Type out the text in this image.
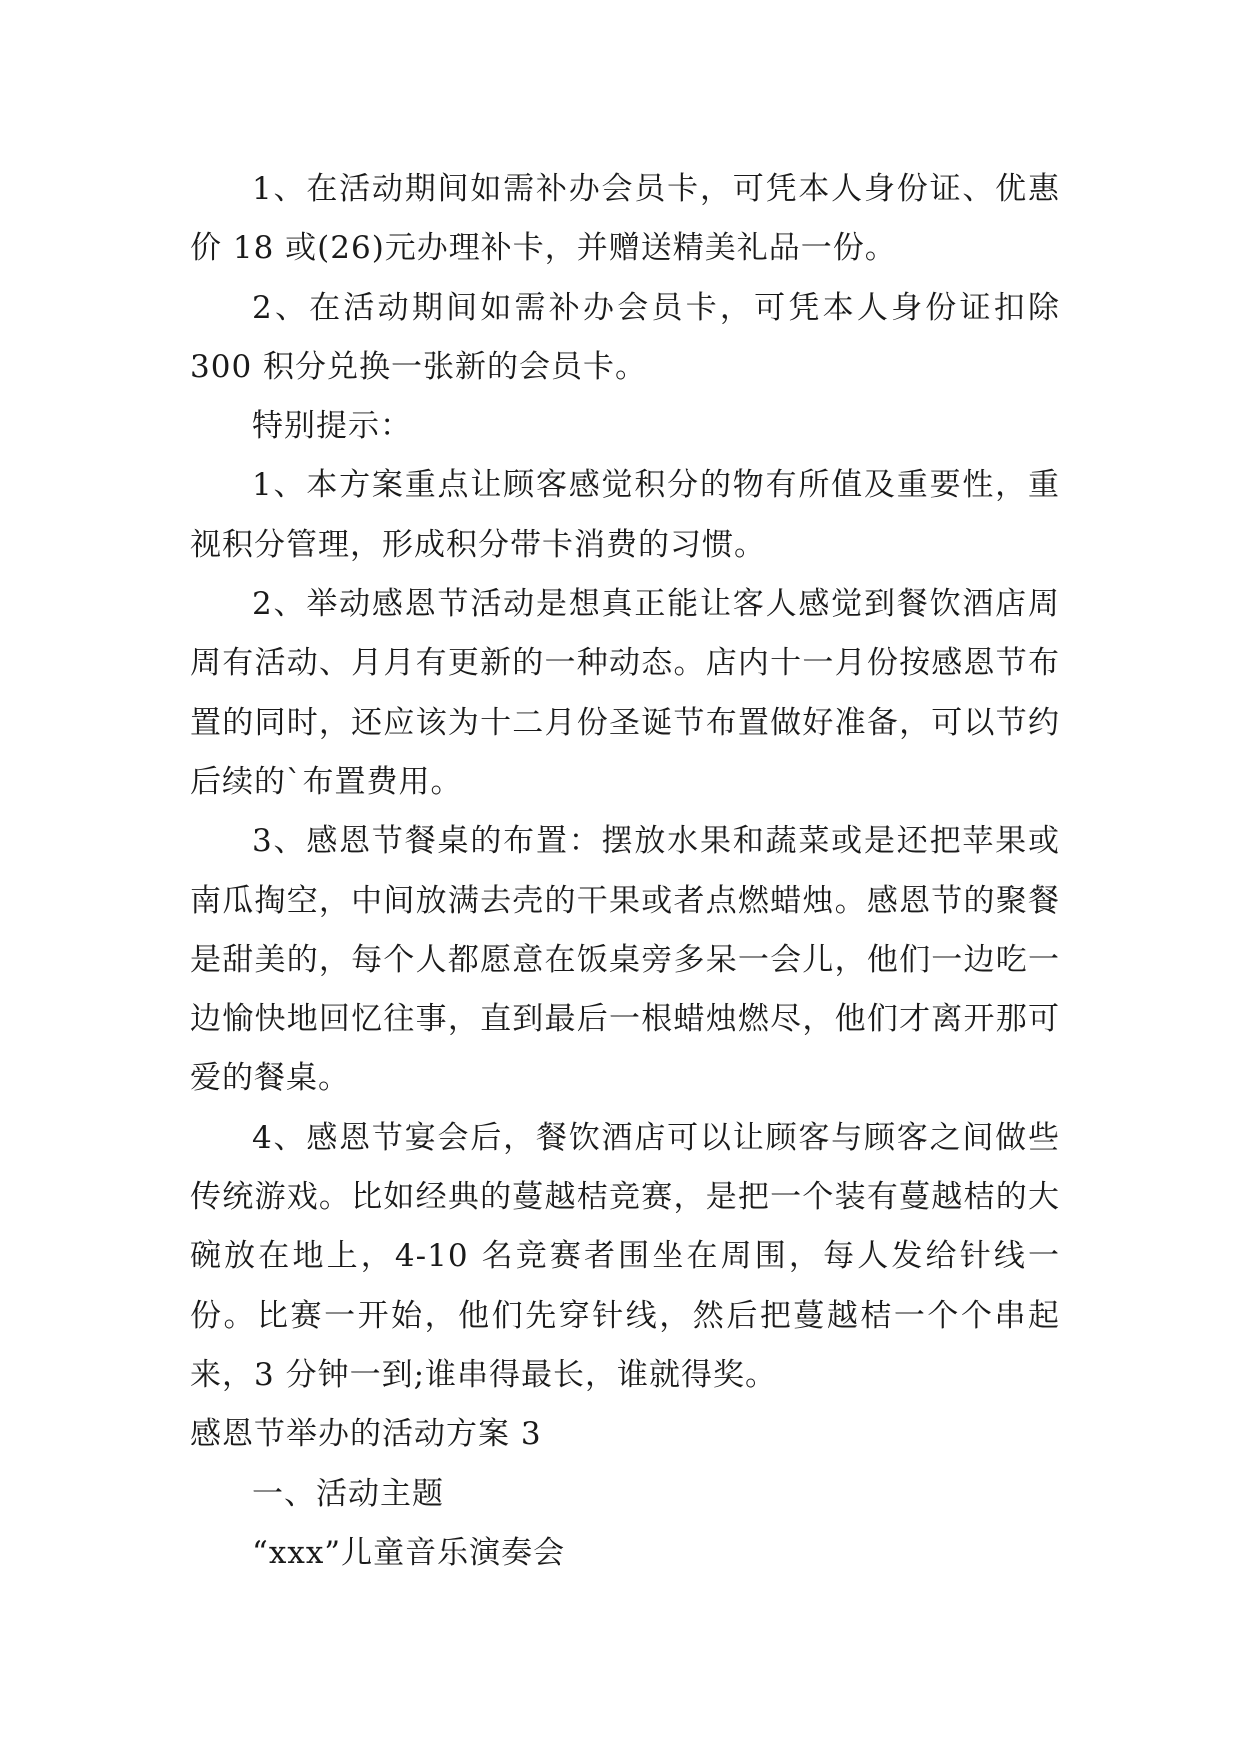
1、在活动期间如需补办会员卡，可凭本人身份证、优惠价 18 或(26)元办理补卡，并赠送精美礼品一份。

2、在活动期间如需补办会员卡，可凭本人身份证扣除 300 积分兑换一张新的会员卡。

特别提示：

1、本方案重点让顾客感觉积分的物有所值及重要性，重视积分管理，形成积分带卡消费的习惯。

2、举动感恩节活动是想真正能让客人感觉到餐饮酒店周周有活动、月月有更新的一种动态。店内十一月份按感恩节布置的同时，还应该为十二月份圣诞节布置做好准备，可以节约后续的`布置费用。

3、感恩节餐桌的布置：摆放水果和蔬菜或是还把苹果或南瓜掏空，中间放满去壳的干果或者点燃蜡烛。感恩节的聚餐是甜美的，每个人都愿意在饭桌旁多呆一会儿，他们一边吃一边愉快地回忆往事，直到最后一根蜡烛燃尽，他们才离开那可爱的餐桌。

4、感恩节宴会后，餐饮酒店可以让顾客与顾客之间做些传统游戏。比如经典的蔓越桔竞赛，是把一个装有蔓越桔的大碗放在地上，4-10 名竞赛者围坐在周围，每人发给针线一份。比赛一开始，他们先穿针线，然后把蔓越桔一个个串起来，3 分钟一到;谁串得最长，谁就得奖。

感恩节举办的活动方案 3

一、活动主题

“xxx”儿童音乐演奏会
